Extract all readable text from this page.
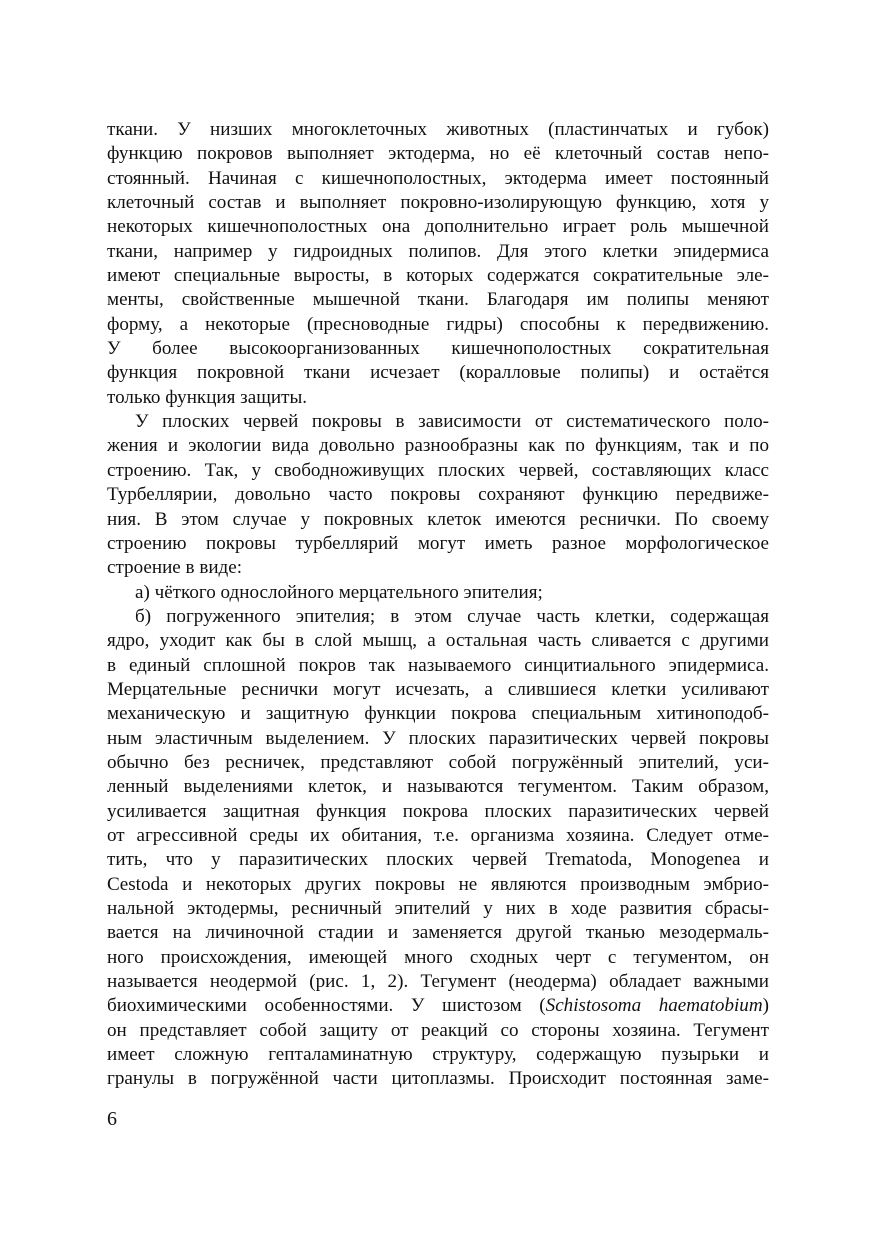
ткани. У низших многоклеточных животных (пластинчатых и губок)
функцию покровов выполняет эктодерма, но её клеточный состав непо-
стоянный. Начиная с кишечнополостных, эктодерма имеет постоянный
клеточный состав и выполняет покровно-изолирующую функцию, хотя у
некоторых кишечнополостных она дополнительно играет роль мышечной
ткани, например у гидроидных полипов. Для этого клетки эпидермиса
имеют специальные выросты, в которых содержатся сократительные эле-
менты, свойственные мышечной ткани. Благодаря им полипы меняют
форму, а некоторые (пресноводные гидры) способны к передвижению.
У более высокоорганизованных кишечнополостных сократительная
функция покровной ткани исчезает (коралловые полипы) и остаётся
только функция защиты.
У плоских червей покровы в зависимости от систематического поло-
жения и экологии вида довольно разнообразны как по функциям, так и по
строению. Так, у свободноживущих плоских червей, составляющих класс
Турбеллярии, довольно часто покровы сохраняют функцию передвиже-
ния. В этом случае у покровных клеток имеются реснички. По своему
строению покровы турбеллярий могут иметь разное морфологическое
строение в виде:
а) чёткого однослойного мерцательного эпителия;
б) погруженного эпителия; в этом случае часть клетки, содержащая
ядро, уходит как бы в слой мышц, а остальная часть сливается с другими
в единый сплошной покров так называемого синцитиального эпидермиса.
Мерцательные реснички могут исчезать, а слившиеся клетки усиливают
механическую и защитную функции покрова специальным хитиноподоб-
ным эластичным выделением. У плоских паразитических червей покровы
обычно без ресничек, представляют собой погружённый эпителий, уси-
ленный выделениями клеток, и называются тегументом. Таким образом,
усиливается защитная функция покрова плоских паразитических червей
от агрессивной среды их обитания, т.е. организма хозяина. Следует отме-
тить, что у паразитических плоских червей Trematoda, Monogenea и
Cestoda и некоторых других покровы не являются производным эмбрио-
нальной эктодермы, ресничный эпителий у них в ходе развития сбрасы-
вается на личиночной стадии и заменяется другой тканью мезодермаль-
ного происхождения, имеющей много сходных черт с тегументом, он
называется неодермой (рис. 1, 2). Тегумент (неодерма) обладает важными
биохимическими особенностями. У шистозом (Schistosoma haematobium)
он представляет собой защиту от реакций со стороны хозяина. Тегумент
имеет сложную гепталаминатную структуру, содержащую пузырьки и
гранулы в погружённой части цитоплазмы. Происходит постоянная заме-
6
